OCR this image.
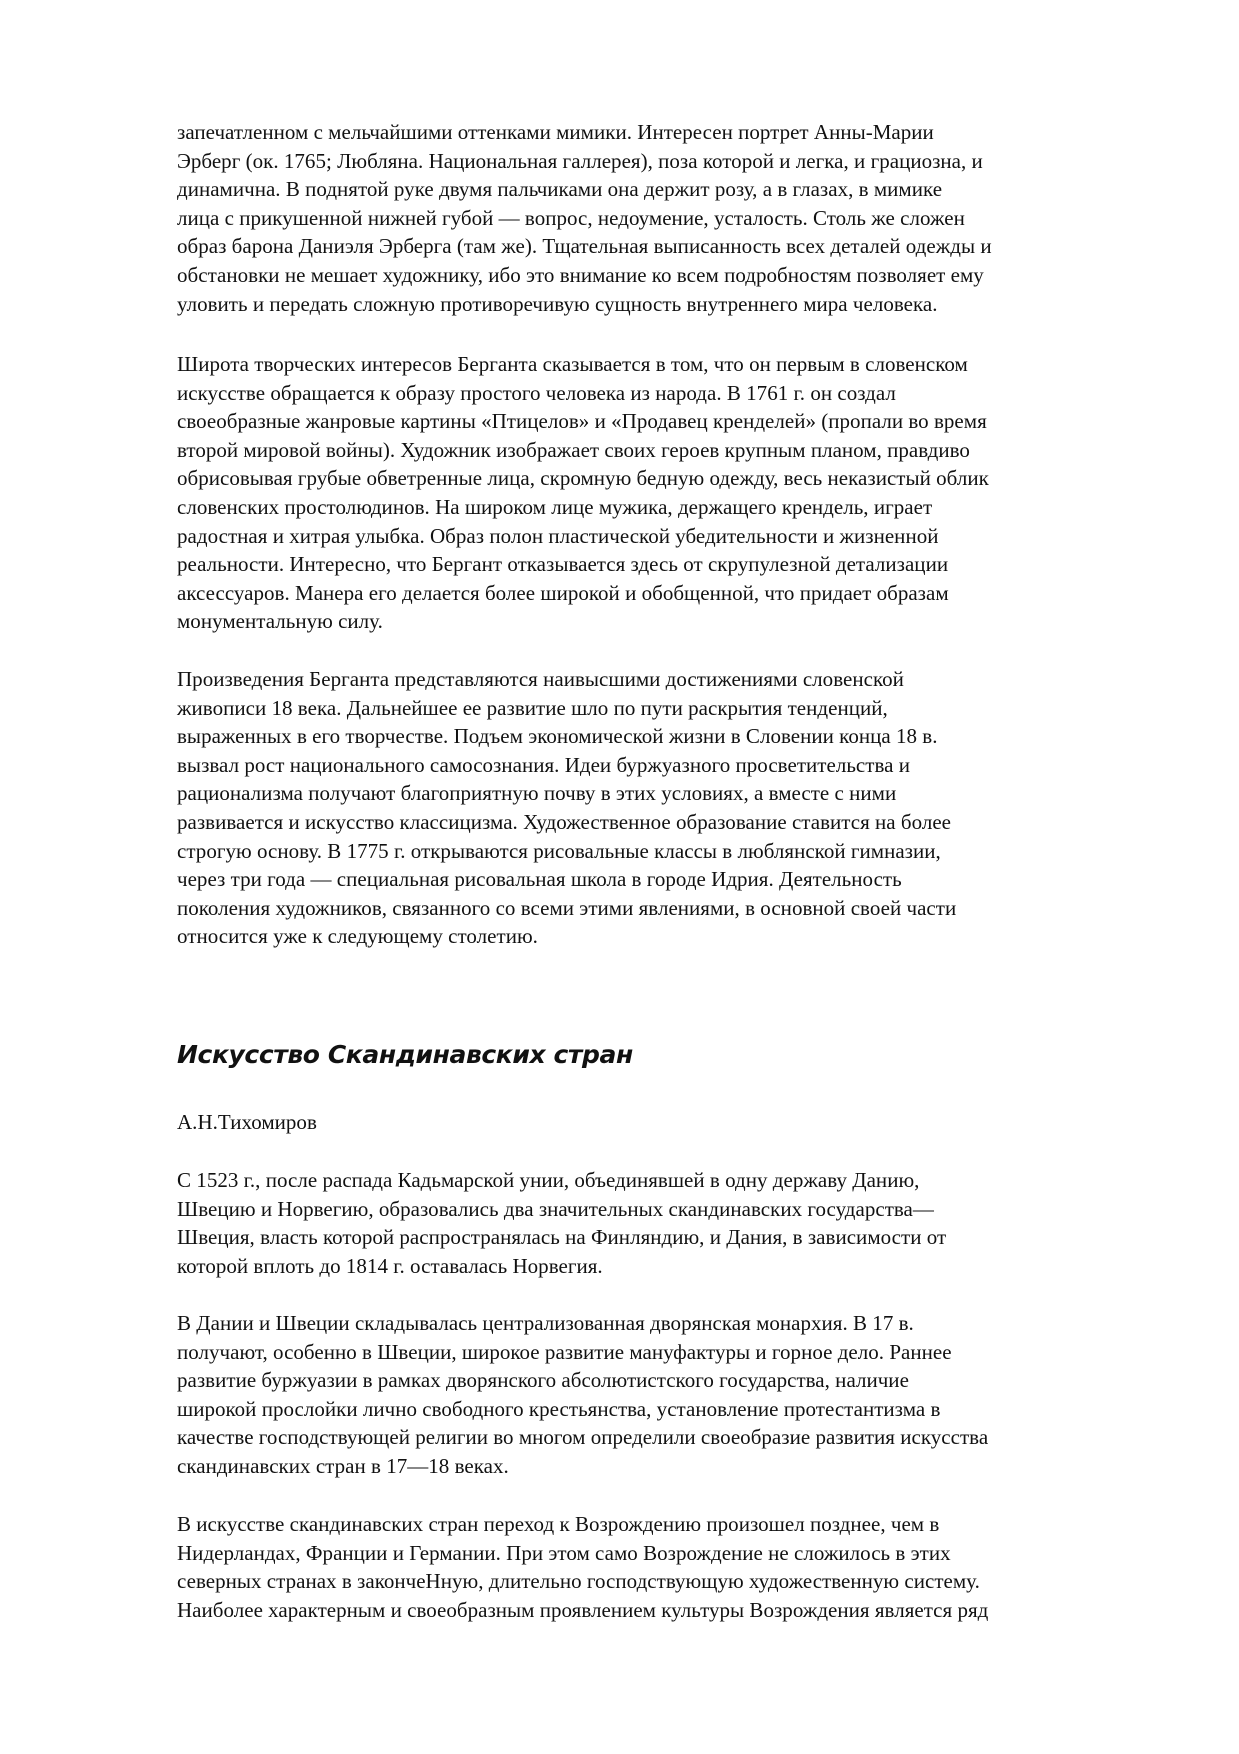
запечатленном с мельчайшими оттенками мимики. Интересен портрет Анны-Марии
Эрберг (ок. 1765; Любляна. Национальная галлерея), поза которой и легка, и грациозна, и
динамична. В поднятой руке двумя пальчиками она держит розу, а в глазах, в мимике
лица с прикушенной нижней губой — вопрос, недоумение, усталость. Столь же сложен
образ барона Даниэля Эрберга (там же). Тщательная выписанность всех деталей одежды и
обстановки не мешает художнику, ибо это внимание ко всем подробностям позволяет ему
уловить и передать сложную противоречивую сущность внутреннего мира человека.

Широта творческих интересов Берганта сказывается в том, что он первым в словенском
искусстве обращается к образу простого человека из народа. В 1761 г. он создал
своеобразные жанровые картины «Птицелов» и «Продавец кренделей» (пропали во время
второй мировой войны). Художник изображает своих героев крупным планом, правдиво
обрисовывая грубые обветренные лица, скромную бедную одежду, весь неказистый облик
словенских простолюдинов. На широком лице мужика, держащего крендель, играет
радостная и хитрая улыбка. Образ полон пластической убедительности и жизненной
реальности. Интересно, что Бергант отказывается здесь от скрупулезной детализации
аксессуаров. Манера его делается более широкой и обобщенной, что придает образам
монументальную силу.

Произведения Берганта представляются наивысшими достижениями словенской
живописи 18 века. Дальнейшее ее развитие шло по пути раскрытия тенденций,
выраженных в его творчестве. Подъем экономической жизни в Словении конца 18 в.
вызвал рост национального самосознания. Идеи буржуазного просветительства и
рационализма получают благоприятную почву в этих условиях, а вместе с ними
развивается и искусство классицизма. Художественное образование ставится на более
строгую основу. В 1775 г. открываются рисовальные классы в люблянской гимназии,
через три года — специальная рисовальная школа в городе Идрия. Деятельность
поколения художников, связанного со всеми этими явлениями, в основной своей части
относится уже к следующему столетию.

Искусство Скандинавских стран

А.Н.Тихомиров

С 1523 г., после распада Кадьмарской унии, объединявшей в одну державу Данию,
Швецию и Норвегию, образовались два значительных скандинавских государства—
Швеция, власть которой распространялась на Финляндию, и Дания, в зависимости от
которой вплоть до 1814 г. оставалась Норвегия.

В Дании и Швеции складывалась централизованная дворянская монархия. В 17 в.
получают, особенно в Швеции, широкое развитие мануфактуры и горное дело. Раннее
развитие буржуазии в рамках дворянского абсолютистского государства, наличие
широкой прослойки лично свободного крестьянства, установление протестантизма в
качестве господствующей религии во многом определили своеобразие развития искусства
скандинавских стран в 17—18 веках.

В искусстве скандинавских стран переход к Возрождению произошел позднее, чем в
Нидерландах, Франции и Германии. При этом само Возрождение не сложилось в этих
северных странах в закончеНную, длительно господствующую художественную систему.
Наиболее характерным и своеобразным проявлением культуры Возрождения является ряд
